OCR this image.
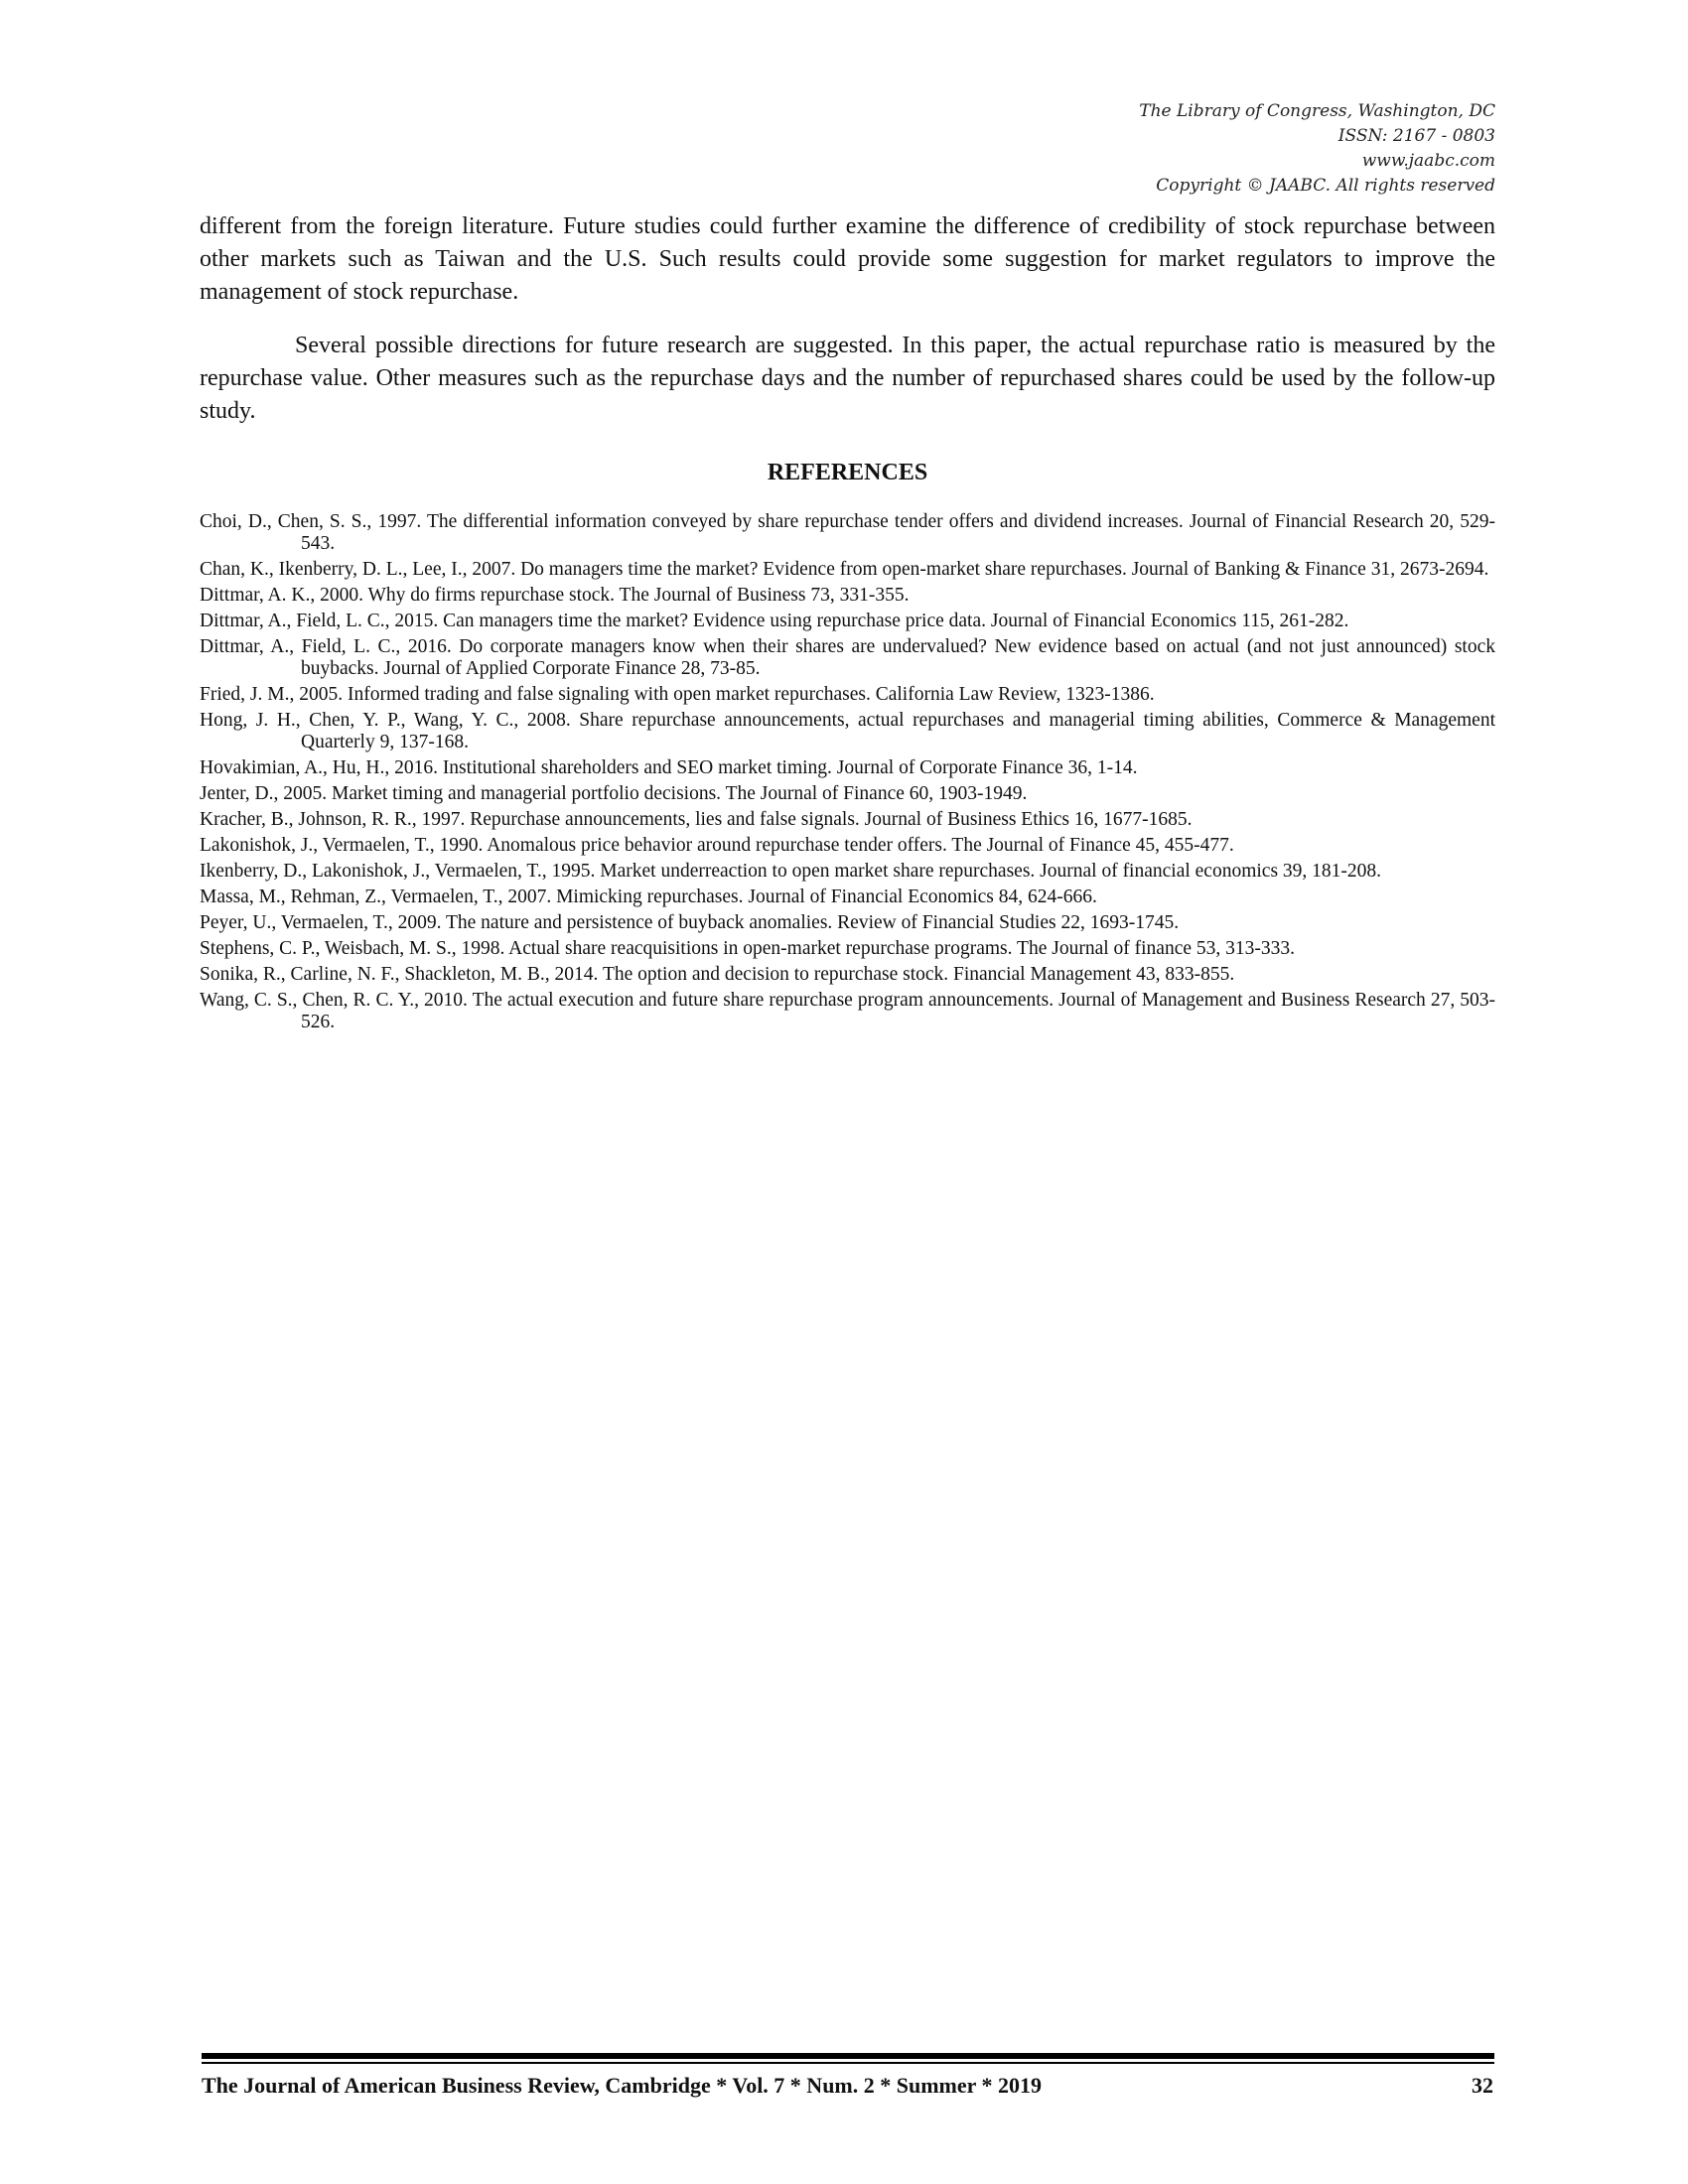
The Library of Congress, Washington, DC
ISSN: 2167 - 0803
www.jaabc.com
Copyright © JAABC. All rights reserved

different from the foreign literature. Future studies could further examine the difference of credibility of stock repurchase between other markets such as Taiwan and the U.S. Such results could provide some suggestion for market regulators to improve the management of stock repurchase.

Several possible directions for future research are suggested. In this paper, the actual repurchase ratio is measured by the repurchase value. Other measures such as the repurchase days and the number of repurchased shares could be used by the follow-up study.

REFERENCES
Choi, D., Chen, S. S., 1997. The differential information conveyed by share repurchase tender offers and dividend increases. Journal of Financial Research 20, 529-543.
Chan, K., Ikenberry, D. L., Lee, I., 2007. Do managers time the market? Evidence from open-market share repurchases. Journal of Banking & Finance 31, 2673-2694.
Dittmar, A. K., 2000. Why do firms repurchase stock. The Journal of Business 73, 331-355.
Dittmar, A., Field, L. C., 2015. Can managers time the market? Evidence using repurchase price data. Journal of Financial Economics 115, 261-282.
Dittmar, A., Field, L. C., 2016. Do corporate managers know when their shares are undervalued? New evidence based on actual (and not just announced) stock buybacks. Journal of Applied Corporate Finance 28, 73-85.
Fried, J. M., 2005. Informed trading and false signaling with open market repurchases. California Law Review, 1323-1386.
Hong, J. H., Chen, Y. P., Wang, Y. C., 2008. Share repurchase announcements, actual repurchases and managerial timing abilities, Commerce & Management Quarterly 9, 137-168.
Hovakimian, A., Hu, H., 2016. Institutional shareholders and SEO market timing. Journal of Corporate Finance 36, 1-14.
Jenter, D., 2005. Market timing and managerial portfolio decisions. The Journal of Finance 60, 1903-1949.
Kracher, B., Johnson, R. R., 1997. Repurchase announcements, lies and false signals. Journal of Business Ethics 16, 1677-1685.
Lakonishok, J., Vermaelen, T., 1990. Anomalous price behavior around repurchase tender offers. The Journal of Finance 45, 455-477.
Ikenberry, D., Lakonishok, J., Vermaelen, T., 1995. Market underreaction to open market share repurchases. Journal of financial economics 39, 181-208.
Massa, M., Rehman, Z., Vermaelen, T., 2007. Mimicking repurchases. Journal of Financial Economics 84, 624-666.
Peyer, U., Vermaelen, T., 2009. The nature and persistence of buyback anomalies. Review of Financial Studies 22, 1693-1745.
Stephens, C. P., Weisbach, M. S., 1998. Actual share reacquisitions in open-market repurchase programs. The Journal of finance 53, 313-333.
Sonika, R., Carline, N. F., Shackleton, M. B., 2014. The option and decision to repurchase stock. Financial Management 43, 833-855.
Wang, C. S., Chen, R. C. Y., 2010. The actual execution and future share repurchase program announcements. Journal of Management and Business Research 27, 503-526.
The Journal of American Business Review, Cambridge * Vol. 7 * Num. 2 * Summer * 2019	32
